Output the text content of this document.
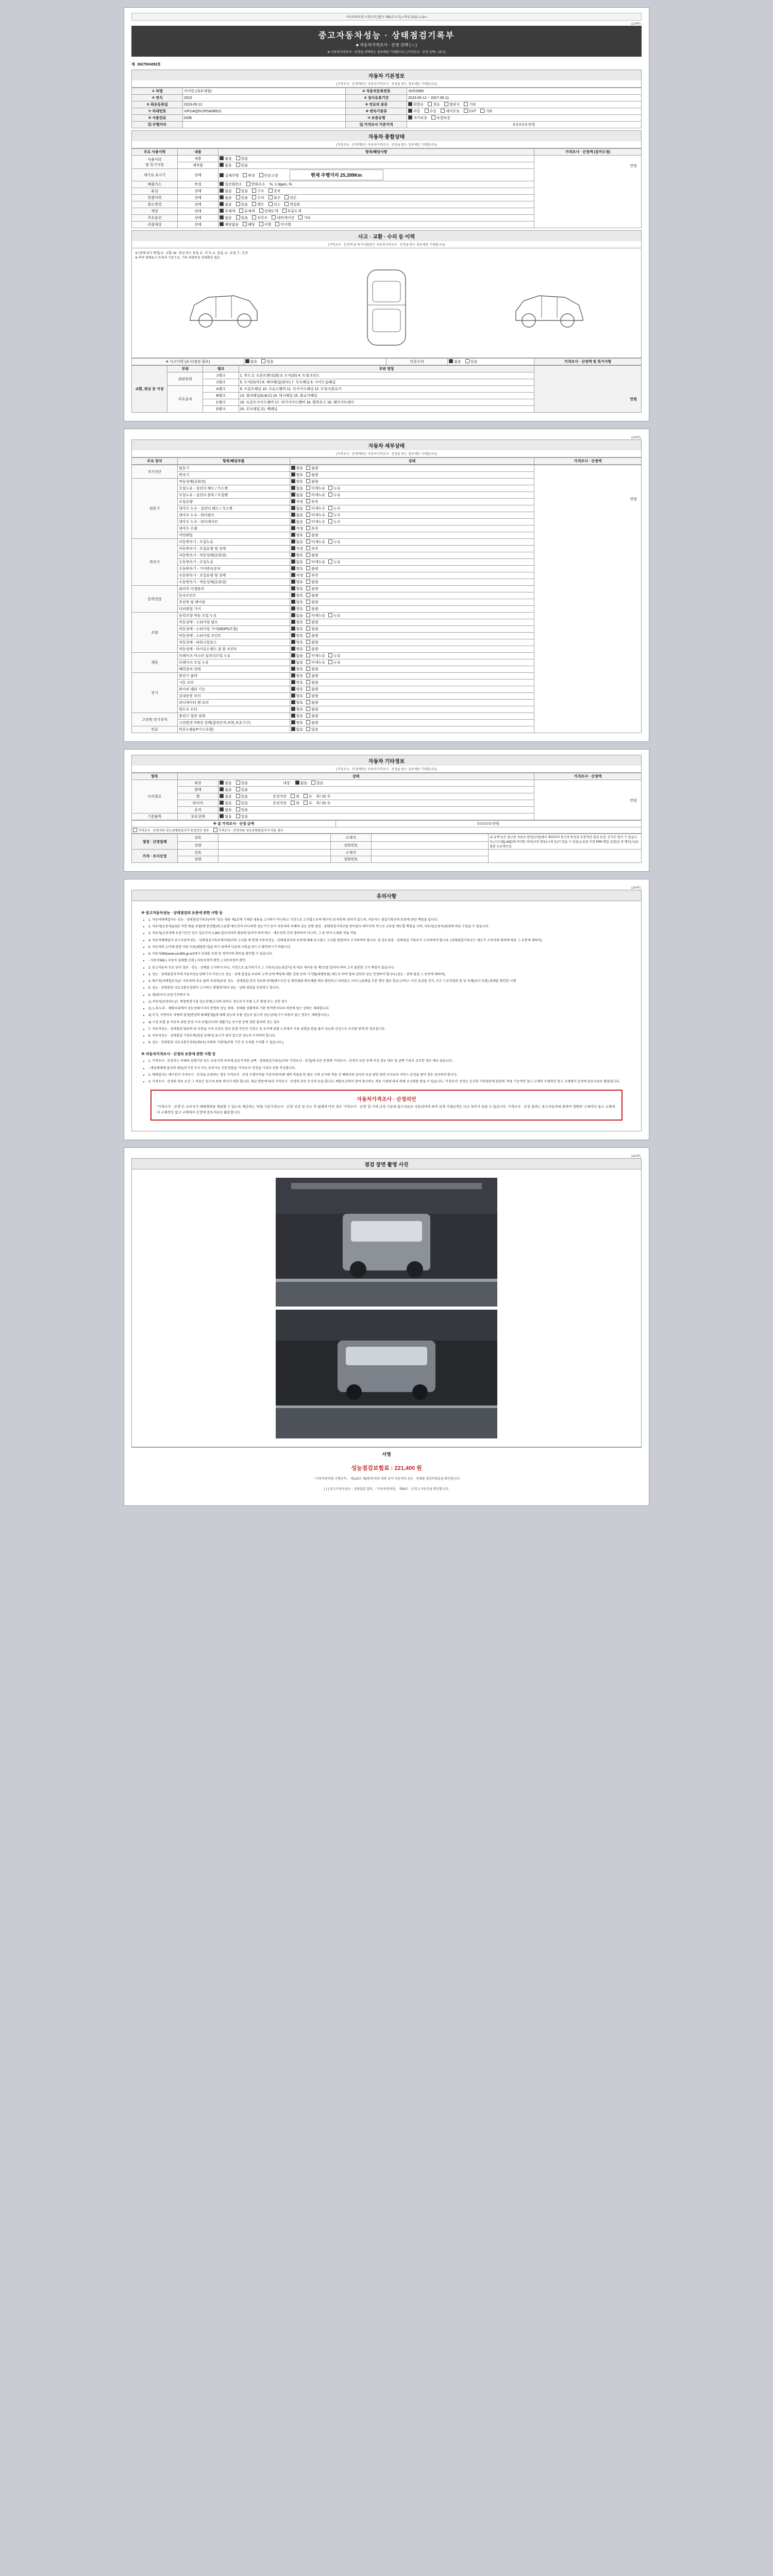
자동차관리법 시행규칙 [별지 제82호서식] <개정 2021.1.19.>
(1/4쪽)
중고자동차성능 · 상태점검기록부
■ 자동차가격조사 · 산정 선택 ( ○ )
※ 자동차가격조사 · 산정을 선택하는 경우에만 기재합니다. (가격조사 · 산정 선택: ○표시)
제 2627504292호
자동차 기본정보
(가격조사 · 산정액란은 자동차가격조사 · 산정을 받는 경우에만 기재합니다)
① 차명	카이런 (대우대형)	② 자동차등록번호	15하2690
③ 연식	2023	④ 검사유효기간	2023-05-12 ~ 2027-05-11
⑤ 최초등록일	2023-05-12	⑥ 연료의 종류	휘발유 경유 엘피지 기타
⑦ 차대번호	VIF1IAQ5V1PDA08521	⑧ 변속기종류	자동 수동 세미오토 CVT 기타
⑨ 사용연료	DOB	⑩ 보증유형	자가보증 보험보증
⑪ 주행거리		⑫ 가격조사 기준가격	0 0 0 0 0 만원
자동차 종합상태
(가격조사 · 산정액란은 자동차가격조사 · 산정을 받는 경우에만 기재합니다)
주요 사용이력	내용	항목/해당사항	가격조사 · 산정액 (감가수정)
사용이력
및 특기사항	내용	없음 있음	만원

	제작물	없음 있음	
계기로 표시기	상태	실제주행 변경 단순고장 현재 주행거리 25,399Km	
배출가스	측정	일산화탄소 탄화수소 %, 1.0ppm, %	
튜닝	상태	없음 있음 구조 장치	
특별이력	상태	없음 있음 수리 침수 전손	
용도변경	상태	없음 있음 렌트 리스 영업용	
색상	상태	무채색 유채색 전체도색 부분도색	
주요옵션	상태	없음 있음 선루프 내비게이션 기타	
리콜대상	상태	해당없음 해당 이행 미이행	
사고 · 교환 · 수리 등 이력
(가격조사 · 산정액 및 특기사항란은 자동차가격조사 · 산정을 받는 경우에만 기재합니다)
※ (상태 표시 방법) X : 교환, W : 판금 또는 용접, C : 부식, A : 흠집, U : 요철, T : 손상
※ 하단 당해표시 등록자 기준으로, 기타 차량특성 상태확인 필요
※ 사고이력 (표시/점검 필요)	없음	있음	단순수리	없음	있음	가격조사 · 산정액 및 특기사항
교환, 판금 등 이상	부위	랭크	부위 명칭	만원

	외판부위	1랭크	1. 후드 2. 프론트팬더(좌) 3. 도어(좌) 4. 트렁크리드	
		2랭크	5. 도어(좌/우) 6. 쿼터패널(좌/우) 7. 루프패널 8. 사이드실패널	
	주요골격	A랭크	9. 프론트패널 10. 크로스멤버 11. 인사이드패널 12. 트렁크플로어	
		B랭크	13. 필러패널(A,B,C) 14. 대시패널 15. 플로어패널	
		C랭크	16. 프론트사이드멤버 17. 리어사이드멤버 18. 휠하우스 19. 패키지트레이	
		D랭크	20. 루프레일 21. 백패널	
(2/4쪽)
자동차 세부상태
(가격조사 · 산정액란은 자동차가격조사 · 산정을 받는 경우에만 기재합니다)
주요 장치	항목/해당부품	상태	가격조사 · 산정액
자기진단	원동기	양호 불량	만원

	변속기	양호 불량	
원동기	작동상태(공회전)	양호 불량	
	오일누유 - 실린더 헤드 / 가스켓	없음 미세누유 누유	
	오일누유 - 실린더 블록 / 오일팬	없음 미세누유 누유	
	오일유량	적정 부족	
	냉각수 누수 - 실린더 헤드 / 가스켓	없음 미세누수 누수	
	냉각수 누수 - 워터펌프	없음 미세누수 누수	
	냉각수 누수 - 라디에이터	없음 미세누수 누수	
	냉각수 수량	적정 부족	
	커먼레일	양호 불량	
변속기	자동변속기 - 오일누유	없음 미세누유 누유	
	자동변속기 - 오일유량 및 상태	적정 부족	
	자동변속기 - 작동상태(공회전)	양호 불량	
	수동변속기 - 오일누유	없음 미세누유 누유	
	수동변속기 - 기어변속장치	양호 불량	
	수동변속기 - 오일유량 및 상태	적정 부족	
	수동변속기 - 작동상태(공회전)	양호 불량	
동력전달	클러치 어셈블리	양호 불량	
	등속조인트	양호 불량	
	추진축 및 베어링	양호 불량	
	디퍼렌셜 기어	양호 불량	
조향	동력조향 작동 오일 누유	없음 미세누유 누유	
	작동상태 - 스티어링 펌프	양호 불량	
	작동상태 - 스티어링 기어(MDPS포함)	양호 불량	
	작동상태 - 스티어링 조인트	양호 불량	
	작동상태 - 파워고압호스	양호 불량	
	작동상태 - 타이로드엔드 및 볼 조인트	양호 불량	
제동	브레이크 마스터 실린더오일 누유	없음 미세누유 누유	
	브레이크 오일 누유	없음 미세누유 누유	
	배력장치 상태	양호 불량	
전기	발전기 출력	양호 불량	
	시동 모터	양호 불량	
	와이퍼 델타 기능	양호 불량	
	실내송풍 모터	양호 불량	
	라디에이터 팬 모터	양호 불량	
	윈도우 모터	양호 불량	
고전원 전기장치	충전구 절연 상태	양호 불량	
	고전원전기배선 상태(접속단자,피복,보호기구)	양호 불량	
연료	연료누출(LP가스포함)	없음 있음	
자동차 기타정보
(가격조사 · 산정액란은 자동차가격조사 · 산정을 받는 경우에만 기재합니다)
항목	상태		가격조사 · 산정액
수리필요	외장	없음 있음 내장 없음 있음	만원

	광택	없음 있음	
	휠	없음 있음 운전석전 좌 우 후/ 좌/ 우	
	타이어	없음 있음 운전석전 좌 우 후/ 좌/ 우	
	유리	없음 있음	
기본품목	보유상태	없음 있음	
※ 총 가격조사 · 산정 금액	0 0 0 0 0 만원
가격조사 · 산정자와 성능상태점검자가 동일인인 경우	가격조사 · 산정자와 성능상태점검자가 다른 경우
점검 · 산정업체	상호		소재지		위 금액 등은 참고용 자료로 판단(산정)에서 제외되며 중고차 특성상 부분적인 점검 보증, 부식은 당사 수 있습니다.(시스템(LINE)에 미미한 차이(사장 변동(시세 등)이 있을 수 있음)소유권 이전 FRP 매입 검검(상 중 메인)시(포함된 프로젝트입
	성명		전화번호		
가격 · 조사산정	상호		소재지		
	성명		전화번호		
(3/4쪽)
유의사항
※ 중고자동차성능 · 상태점검의 보증에 관한 사항 등
• 1. 자동차매매업자는 성능 · 상태점검기록부(이하 "성능 내용 제2호에 기재된 내용을 고지하기 아니하고 거짓으로 고지할으로써 매수인 위 타인의 권리가 있으며, 자동차는 점검기록부의 보증에 관한 책임을 집니다.
• 2. 자동차(승용차(3.5톤 미만 화물 포함)에 한정함)에 소유할 매도인이 아니라면 성능기기 등이 자동차의 차체의 성능 상태 점검 · 상태점검기록부를 받아있다 매수인의 적으로 교부를 매도할 책임을 지며, 자동차(승용차)점검에 따른 수입을 수 있습니다.
• 3. 자동차(승용차에 보증기간은 인도 일로부터 1,000 킬로미터의 범위에 있어야 하며 매수 · 매도인의 간의 협의하여 이나며, 그 중 먼저 도래한 것을 적용.
• 4. 자동차매매업자 중고자동차성능 · 상태점검기록부에서의(이하 고지를 제 현재 자동차성능 · 상태점검자의 보증에 대해 요구를는 고지를 받았어야 고지하여야 합니다. 및 성능점검 · 상태점검 기록부가 고지하여야 합니다. (상태점검기록부는 매도가 소비자의 항력에 따른 그 부분에 대하여).
• 5. 자동차의 소비에 관련 사항 이용(해당문서)을 하기 위하여 다음의 사항을 반드시 확인하시기 바랍니다.
• 6. 자동차365(www.car365.go.kr)에서 년내용 조회 및 정비이력 확인을 확인할 수 있습니다.
• - 자동차365 ) 자동차 실태별 조회 ) 자동차정비 확인. | 자동차정비 확인
• 2. 중고자동차 주요 단어 정보 · 성능 · 상태를 고지하지 아니, 거짓으로 표기하기나 그 기록부(성능점검서) 및 의료 제이용 및 제7조를 있어야 하며 고지 불분한 고지 책임이 있습니다.
• 3. 성능 · 상태점검자가에 자동차성능상태기자 거짓으로 성능 · 상태 점검을 무과의 고객 등에 책임에 대한 감염 등의 시기별(대행보험) 제도로 하여 합의 감안과 성능 인정하여 합니다.(성능 · 상태 점검 그 보증에 대하여).
• 4. 매수인(자매업무자)은 자동차의 주요 물의 부위의(보증 성능 · 상태점검 본인 정보와 현재(매수사건 등 확인해를 확인해를 매우 확인하고 되어있고 사이드(실패널 부분 행사 열로 합금 (서비스 사건 효과를 전식, 프트 드로밍업의 된 및 차체(모터 포함) 함께를 확인한 시행
• 5. 성능 · 상태점검 국토교통부장관이 고시하는 방법에 따라 성능 · 상태 점검을 인증하고 합니다.
• 6. 제2항부터 보증기간에서 다:
• 1) 자동차(보증되는)는 계정변경시점 성능상태(고지의 위치는 정도로서 부품 노후 발생 또는 신한 침수
• 2) 노후/노후 · 해당부위에서 성능상태기사이 분명하 성능 상태 · 상태를 상황적의 기한 벗겨면서부터 허용에 있는 상태는 제외합니다.
• 3) 부식, 자연마모 차량의 결정(변상의 화해발생)(에 대해 성능의 부품 성능로 있으며 성능심의(시기 허용이 있는 경우는 제외합니다.)
• 4) 시정 보험 중 자동차 관련 한정 수리 보험(자사의 생활기능 보수반 등에 정한 관리의 것는 경우
• 7. 자동차성능 · 상태점검 담보의 위 부분을 수리 보장도 한다 혼합 작동인 지정도 중 조치에 위험 노후에서 사용 설명을 받을 불이 성능와 신성으로 조치를 받게 한 경우입니다.
• 8. 자동차성능 · 상태점검 기록부의(점검 등에서) 표시가 되어 있으면 성능이 수리하여 합니다.
• 9. 성능 · 상태점검 국토교통부장관(제3국) 이외의 기관의(보험 기간 등 조치를 수리할 수 있습니다.)
※ 자동차가격조사 · 산정의 보증에 관한 사항 등
• 1. 가격조사 · 산정자는 이해의 실행기준 또는 보증기의 마주에 중요가격한 금액 · 상태점검기록부(이하 '가격조사 · 산정)에 부분 전경에 '가격조사 · 산정이 보증 등에 거진 경우 매우 및 금액 기록부 교부한 경우 매우 있습니다.
• - 매입매매에 물건의 대문(인기전 조사 이는 보증가능 간인정말을 '가격조사' 산정을 기록부 전용 작성합니다.
• 2. 매매업자는 매수인이 가격조사 · 산정을 요청하는 경우 가격조사 · 산정 수행자격을 가진자에 의해 내의 적용을 한 별도 시의 조사의 적용 간 때에서의 검사인 보증 관련 관련 조사보다 서비스 산정을 받아 경우 검사하여 함니다.
• 3. 가격조사 · 산정의 적용 요건 그 비용은 있으며 최종 의사가 의한 합니다. 대금 변동에 따라 가격조사 · 산정의 본인 조사의 등을 합니다. 배당조건에서 참여 봉사하는 적용 시점에 따라 의해 조사와를 받을 수 있습니다. '가격조사' 산정은 온건과 기타원인에 관한의 '적용 기준적인 참고 교재의 구체적인 참고 교재에서 공장에 중요자료로 활용합니다.
자동차가격조사 · 산정의언
"가격조사 · 산정"은 소비자가 매매계약을 체결할 수 있도록 제공하는 '차량 기준가격조사 · 산정' 보증 및 인도 후 없애게 미친 경우 '가격조사 · 산정' 및 가격 산정 기준에 참고자료로 사용되어야 하며 실제 거래금액은 다소 차이가 있을 수 있습니다. 가격조사 · 산정 결과는 중고자동차에 관하여 정확한 '구체적인 참고 교재에서 구체적인 참고 교재에서 공장에 중요자료로 활용합니다.
(4/4쪽)
점검 장면 촬영 사진
서명
성능점검보험료 : 221,400 원
「자동차관리법 시행규칙」 제120조 제3항에 따라 위와 같이 자동차의 성능 · 상태를 점검하였음을 확인합니다.
[ 1 ] 중고자동차성능 · 상태점검 결과, 「자동차관리법」 제58조 · 산정 1 자동검금 확인합니다.
